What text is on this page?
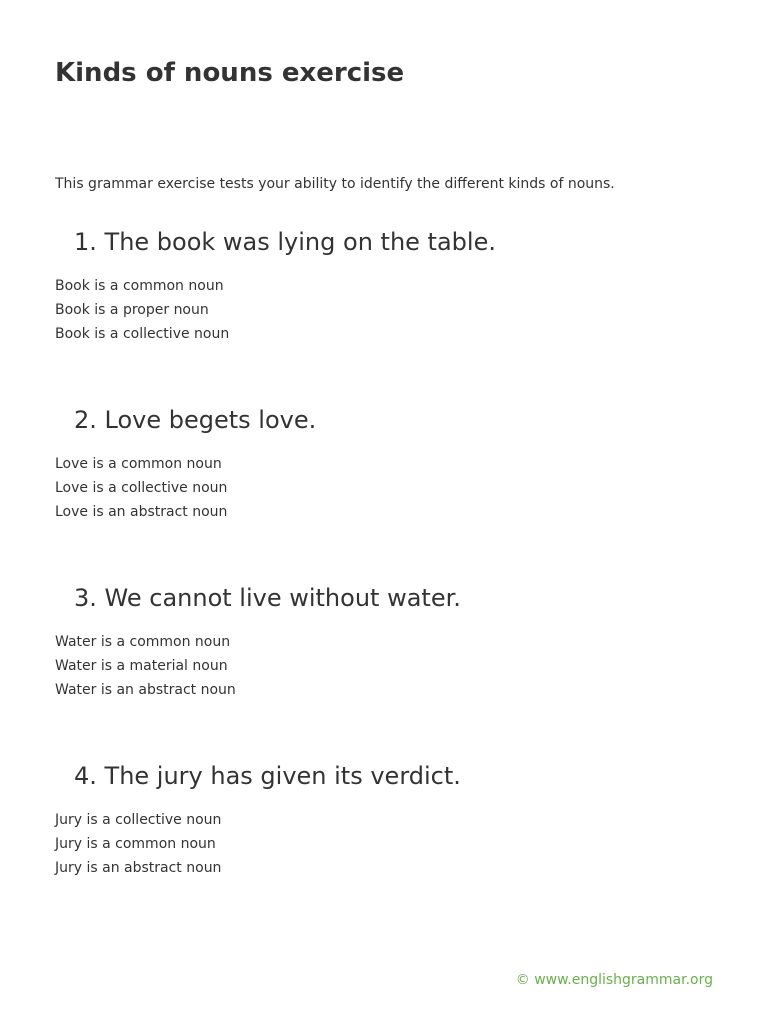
Kinds of nouns exercise

This grammar exercise tests your ability to identify the different kinds of nouns.

1. The book was lying on the table.
Book is a common noun
Book is a proper noun
Book is a collective noun
2. Love begets love.
Love is a common noun
Love is a collective noun
Love is an abstract noun
3. We cannot live without water.
Water is a common noun
Water is a material noun
Water is an abstract noun
4. The jury has given its verdict.
Jury is a collective noun
Jury is a common noun
Jury is an abstract noun
© www.englishgrammar.org
